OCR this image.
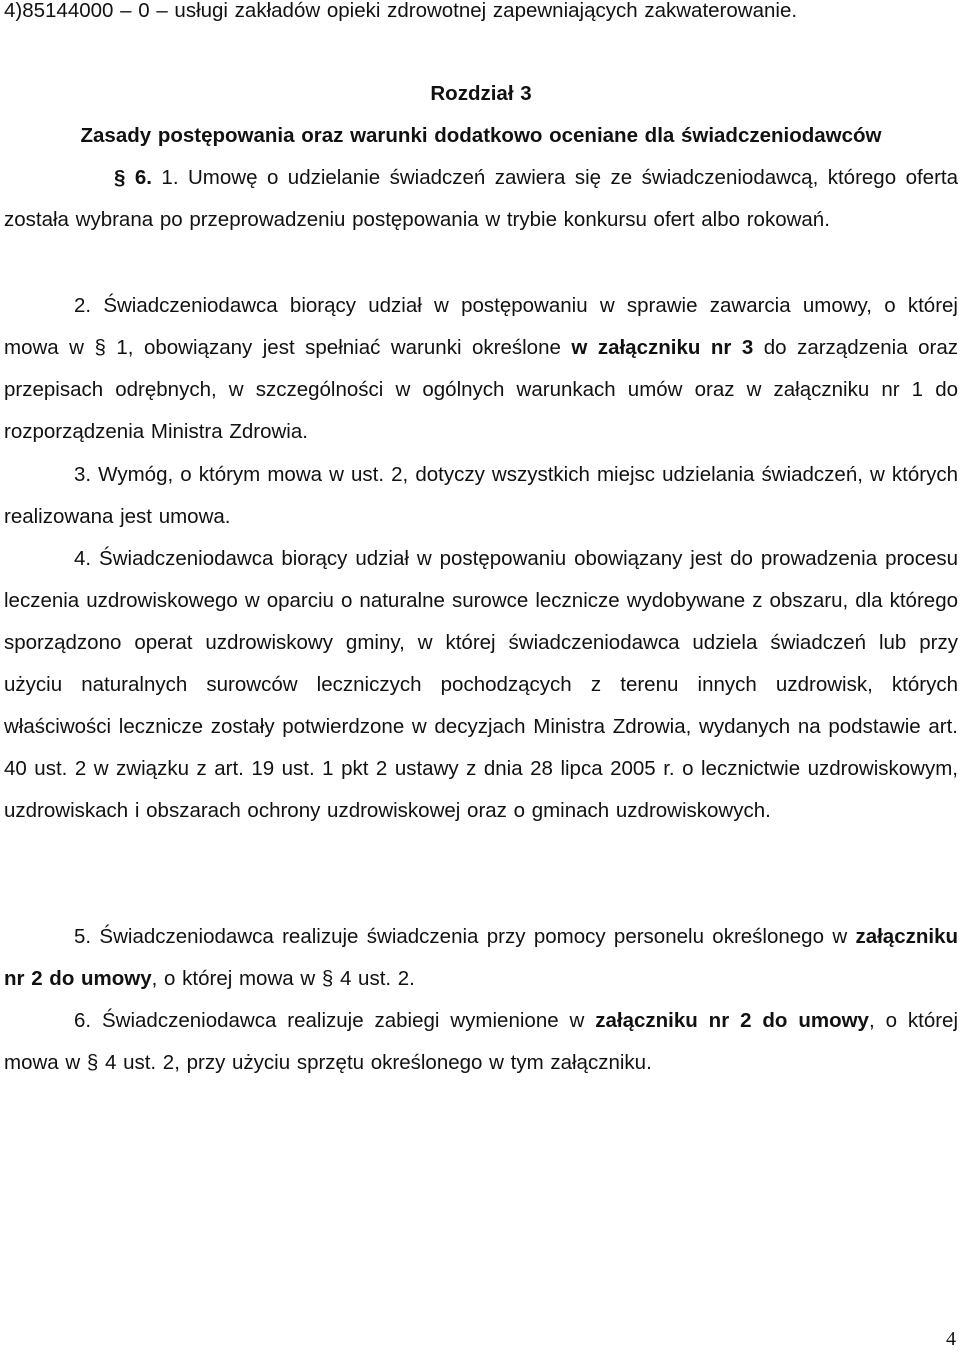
4)85144000 – 0 – usługi zakładów opieki zdrowotnej zapewniających zakwaterowanie.

Rozdział 3

Zasady postępowania oraz warunki dodatkowo oceniane dla świadczeniodawców

§ 6. 1. Umowę o udzielanie świadczeń zawiera się ze świadczeniodawcą, którego oferta została wybrana po przeprowadzeniu postępowania w trybie konkursu ofert albo rokowań.

2. Świadczeniodawca biorący udział w postępowaniu w sprawie zawarcia umowy, o której mowa w § 1, obowiązany jest spełniać warunki określone w załączniku nr 3 do zarządzenia oraz przepisach odrębnych, w szczególności w ogólnych warunkach umów oraz w załączniku nr 1 do rozporządzenia Ministra Zdrowia.

3. Wymóg, o którym mowa w ust. 2, dotyczy wszystkich miejsc udzielania świadczeń, w których realizowana jest umowa.

4. Świadczeniodawca biorący udział w postępowaniu obowiązany jest do prowadzenia procesu leczenia uzdrowiskowego w oparciu o naturalne surowce lecznicze wydobywane z obszaru, dla którego sporządzono operat uzdrowiskowy gminy, w której świadczeniodawca udziela świadczeń lub przy użyciu naturalnych surowców leczniczych pochodzących z terenu innych uzdrowisk, których właściwości lecznicze zostały potwierdzone w decyzjach Ministra Zdrowia, wydanych na podstawie art. 40 ust. 2 w związku z art. 19 ust. 1 pkt 2 ustawy z dnia 28 lipca 2005 r. o lecznictwie uzdrowiskowym, uzdrowiskach i obszarach ochrony uzdrowiskowej oraz o gminach uzdrowiskowych.

5. Świadczeniodawca realizuje świadczenia przy pomocy personelu określonego w załączniku nr 2 do umowy, o której mowa w § 4 ust. 2.

6. Świadczeniodawca realizuje zabiegi wymienione w załączniku nr 2 do umowy, o której mowa w § 4 ust. 2, przy użyciu sprzętu określonego w tym załączniku.

4
